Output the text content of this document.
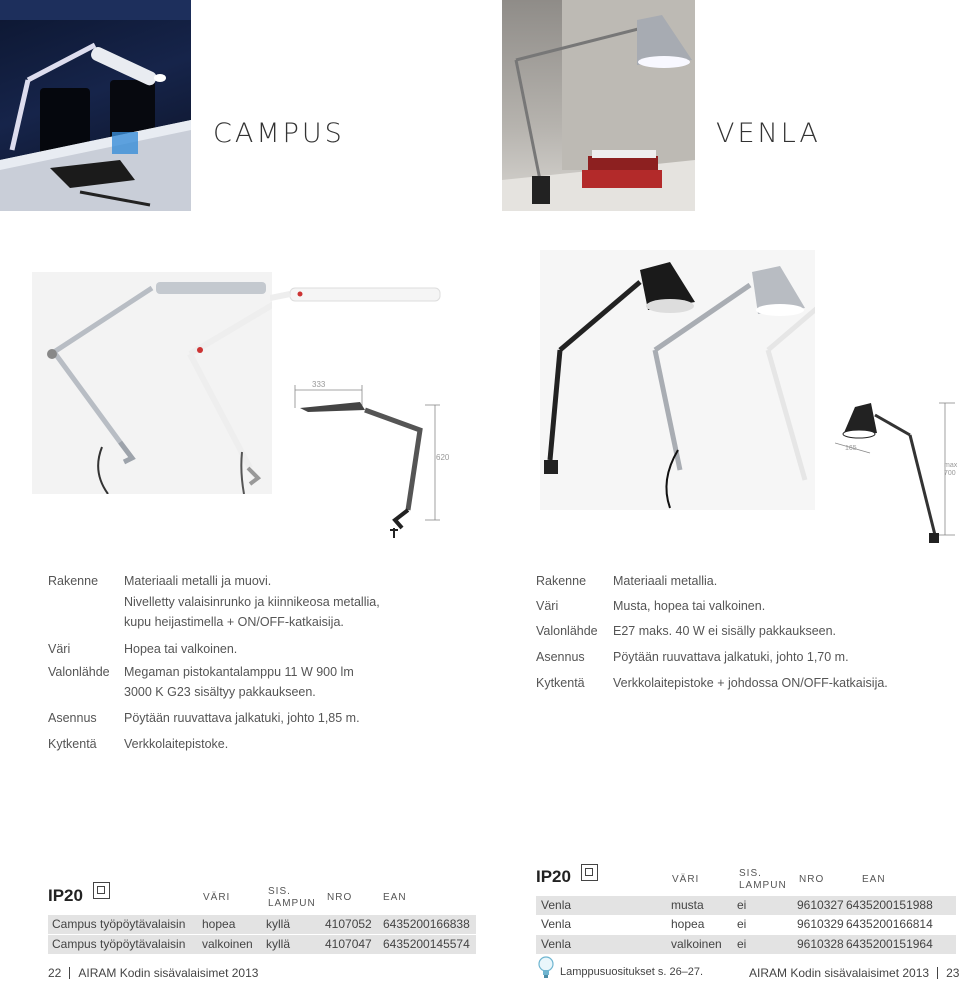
CAMPUS
333
620
Rakenne Materiaali metalli ja muovi.
Nivelletty valaisinrunko ja kiinnikeosa metallia,
kupu heijastimella + ON/OFF-katkaisija.
Väri	Hopea tai valkoinen.
Valonlähde Megaman pistokantalamppu 11 W 900 lm
3000 K G23 sisältyy pakkaukseen.
Asennus Pöytään ruuvattava jalkatuki, johto 1,85 m.
Kytkentä Verkkolaitepistoke.
IP20	VÄRI
SIS.
LAMPUN
NRO	EAN
Campus työpöytävalaisin hopea	kyllä	4107052 6435200166838
Campus työpöytävalaisin valkoinen kyllä	4107047 6435200145574
22 AIRAM Kodin sisävalaisimet 2013
VENLA
165
max
700
Rakenne Materiaali metallia.
Väri	Musta, hopea tai valkoinen.
Valonlähde E27 maks. 40 W ei sisälly pakkaukseen.
Asennus Pöytään ruuvattava jalkatuki, johto 1,70 m.
Kytkentä Verkkolaitepistoke + johdossa ON/OFF-katkaisija.
IP20	VÄRI
SIS.
LAMPUN
NRO	EAN
Venla	musta	ei	9610327 6435200151988
Venla	hopea	ei	9610329 6435200166814
Venla	valkoinen ei	9610328 6435200151964
Lamppusuositukset s. 26–27.	AIRAM Kodin sisävalaisimet 2013 23
